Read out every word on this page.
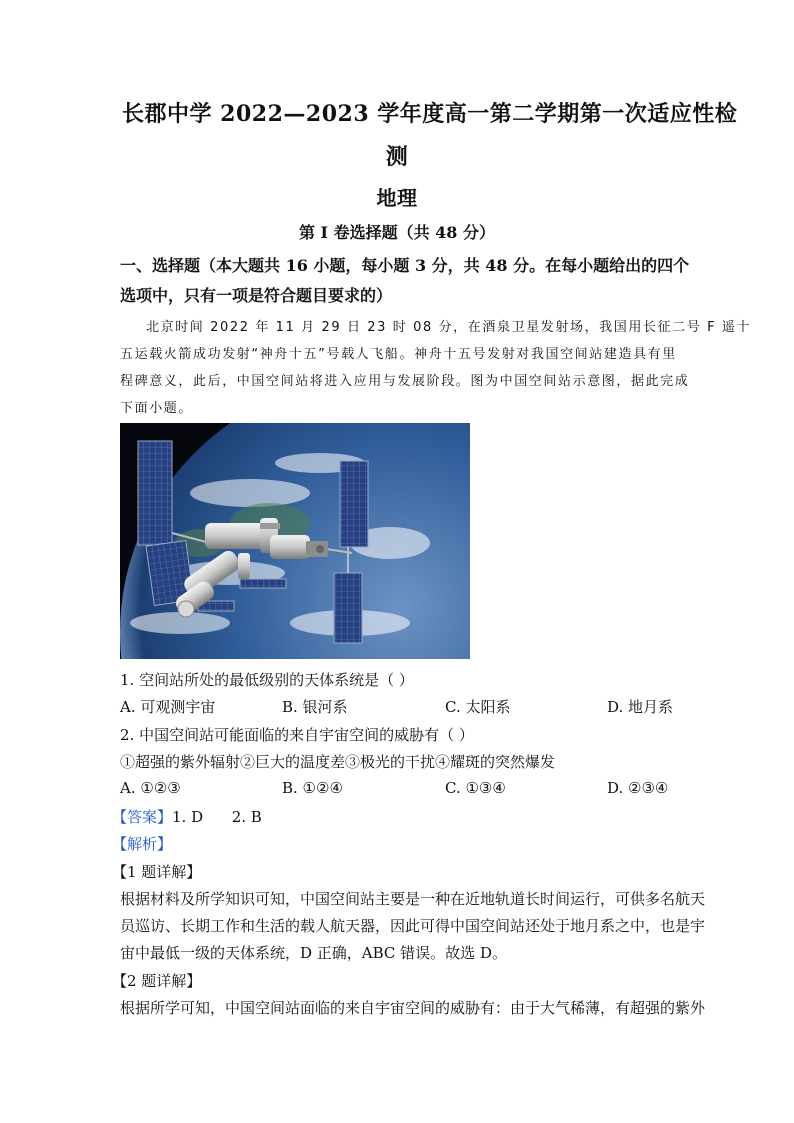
长郡中学 2022—2023 学年度高一第二学期第一次适应性检
测
地理
第 I 卷选择题（共 48 分）
一、选择题（本大题共 16 小题，每小题 3 分，共 48 分。在每小题给出的四个
选项中，只有一项是符合题目要求的）
北京时间 2022 年 11 月 29 日 23 时 08 分，在酒泉卫星发射场，我国用长征二号 F 遥十
五运载火箭成功发射“神舟十五”号载人飞船。神舟十五号发射对我国空间站建造具有里
程碑意义，此后，中国空间站将进入应用与发展阶段。图为中国空间站示意图，据此完成
下面小题。
1. 空间站所处的最低级别的天体系统是（ ）
A. 可观测宇宙	B. 银河系	C. 太阳系	D. 地月系
2. 中国空间站可能面临的来自宇宙空间的威胁有（ ）
①超强的紫外辐射②巨大的温度差③极光的干扰④耀斑的突然爆发
A. ①②③	B. ①②④	C. ①③④	D. ②③④
【答案】1. D      2. B
【解析】
【1 题详解】
根据材料及所学知识可知，中国空间站主要是一种在近地轨道长时间运行，可供多名航天
员巡访、长期工作和生活的载人航天器，因此可得中国空间站还处于地月系之中，也是宇
宙中最低一级的天体系统，D 正确，ABC 错误。故选 D。
【2 题详解】
根据所学可知，中国空间站面临的来自宇宙空间的威胁有：由于大气稀薄，有超强的紫外
